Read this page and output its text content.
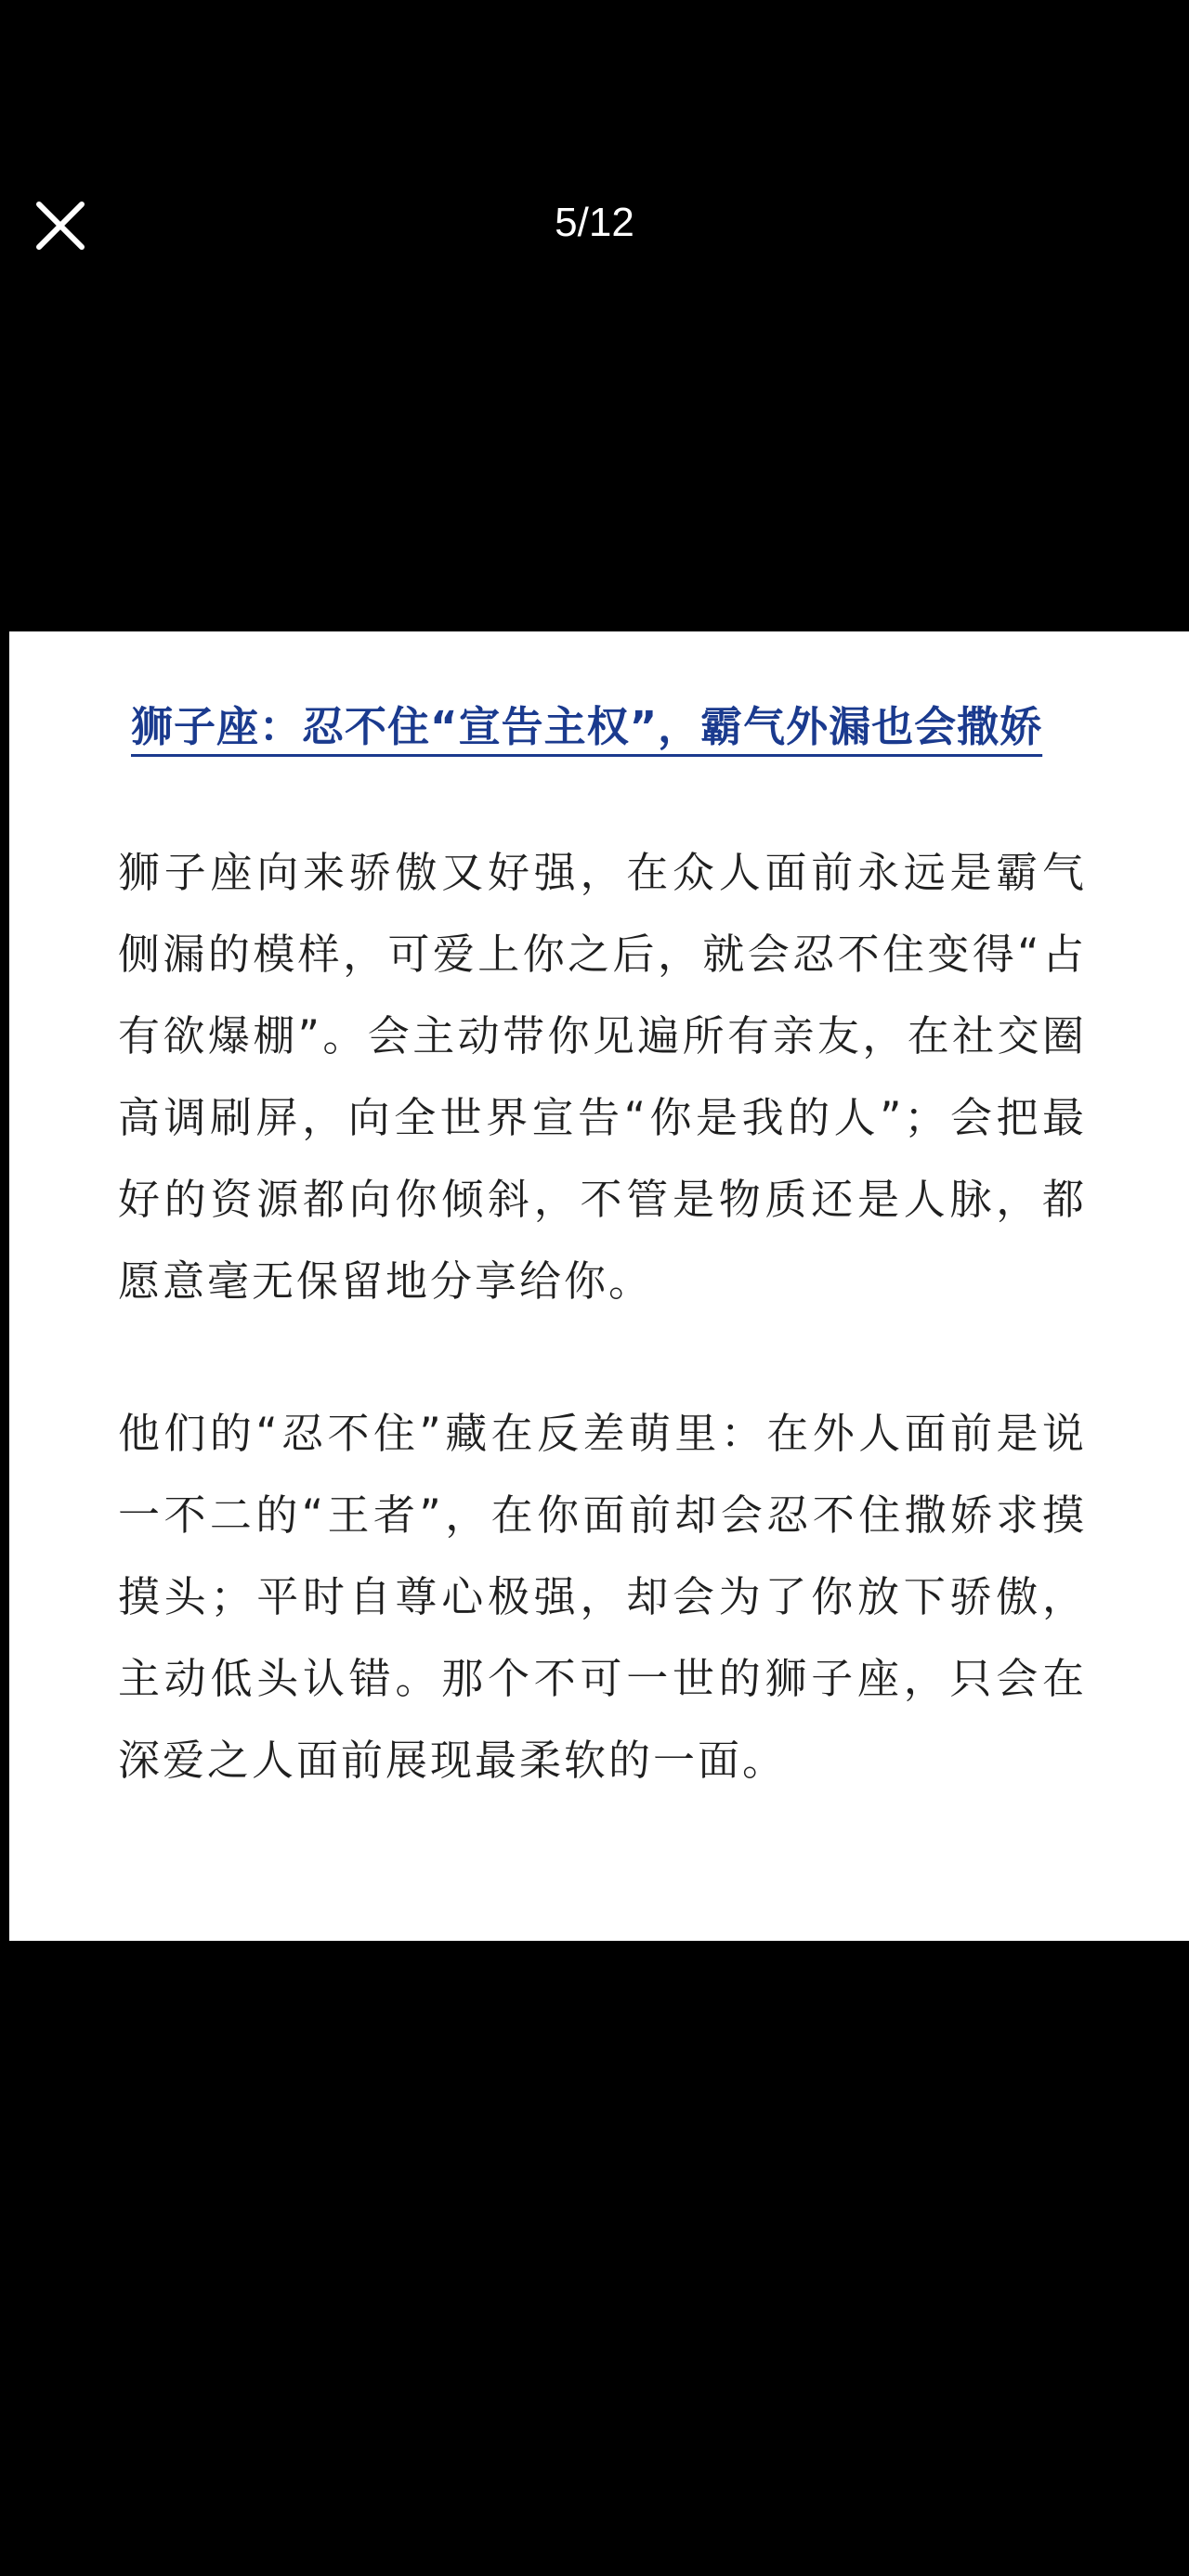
5/12
狮子座：忍不住“宣告主权”，霸气外漏也会撒娇

狮子座向来骄傲又好强，在众人面前永远是霸气侧漏的模样，可爱上你之后，就会忍不住变得“占有欲爆棚”。会主动带你见遍所有亲友，在社交圈高调刷屏，向全世界宣告“你是我的人”；会把最好的资源都向你倾斜，不管是物质还是人脉，都愿意毫无保留地分享给你。

他们的“忍不住”藏在反差萌里：在外人面前是说一不二的“王者”，在你面前却会忍不住撒娇求摸摸头；平时自尊心极强，却会为了你放下骄傲，主动低头认错。那个不可一世的狮子座，只会在深爱之人面前展现最柔软的一面。
